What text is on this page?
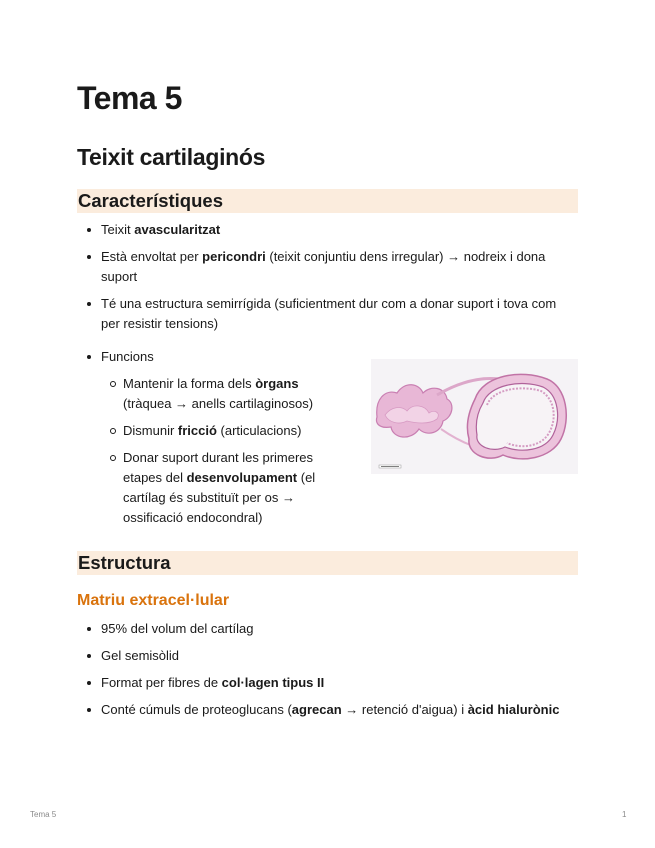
Tema 5
Teixit cartilaginós
Característiques
Teixit avascularitzat
Està envoltat per pericondri (teixit conjuntiu dens irregular) → nodreix i dona suport
Té una estructura semirrígida (suficientment dur com a donar suport i tova com per resistir tensions)
Funcions
Mantenir la forma dels òrgans (tràquea → anells cartilaginosos)
Dismunir fricció (articulacions)
Donar suport durant les primeres etapes del desenvolupament (el cartílag és substituït per os → ossificació endocondral)
Estructura
Matriu extracel·lular
95% del volum del cartílag
Gel semisòlid
Format per fibres de col·lagen tipus II
Conté cúmuls de proteoglucans (agrecan → retenció d'aigua) i àcid hialurònic
Tema 5	1
